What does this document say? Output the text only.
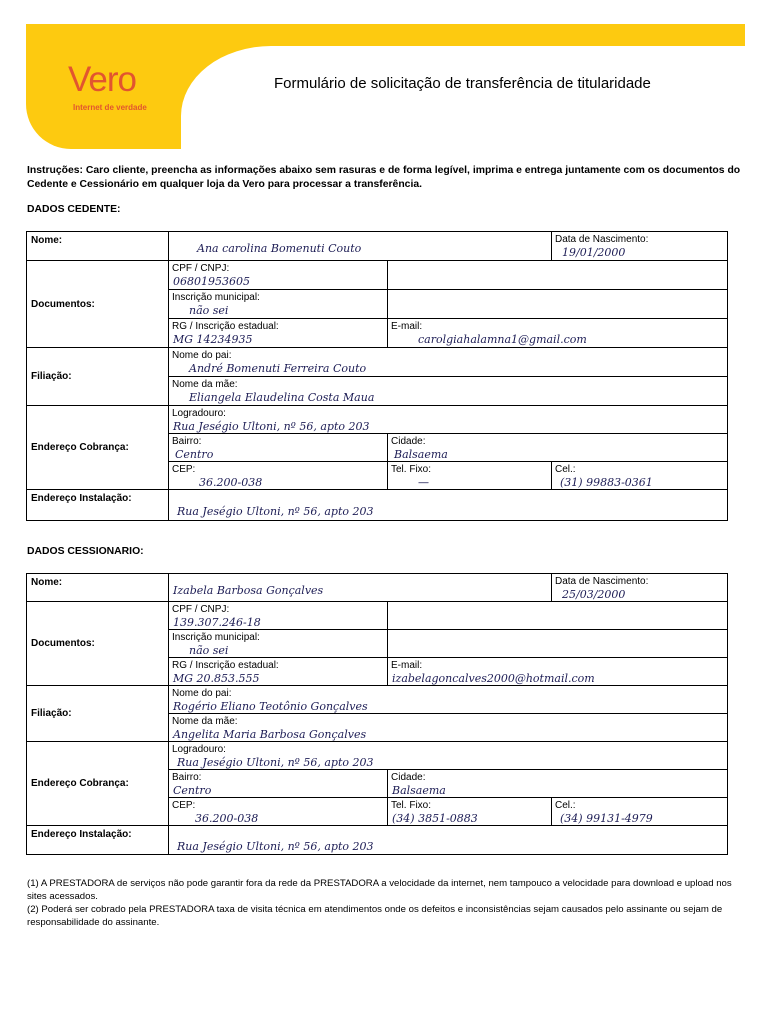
Vero
Internet de verdade
Formulário de solicitação de transferência de titularidade
Instruções: Caro cliente, preencha as informações abaixo sem rasuras e de forma legível, imprima e entrega juntamente com os documentos do Cedente e Cessionário em qualquer loja da Vero para processar a transferência.
DADOS CEDENTE:
Nome:	Ana carolina Bomenuti Couto		Data de Nascimento:
19/01/2000

Documentos:	CPF / CNPJ:
06801953605		

	Inscrição municipal:
não sei		

	RG / Inscrição estadual:
MG 14234935	E-mail:
carolgiahalamna1@gmail.com	

Filiação:	Nome do pai:
André Bomenuti Ferreira Couto		

	Nome da mãe:
Eliangela Elaudelina Costa Maua		

Endereço Cobrança:	Logradouro:
Rua Jeségio Ultoni, nº 56, apto 203		

	Bairro:
Centro	Cidade:
Balsaema	

	CEP:
36.200-038	Tel. Fixo:
—	Cel.:
(31) 99883-0361

Endereço Instalação:	Rua Jeségio Ultoni, nº 56, apto 203		
DADOS CESSIONARIO:
Nome:	Izabela Barbosa Gonçalves		Data de Nascimento:
25/03/2000

Documentos:	CPF / CNPJ:
139.307.246-18		

	Inscrição municipal:
não sei		

	RG / Inscrição estadual:
MG 20.853.555	E-mail:
izabelagoncalves2000@hotmail.com	

Filiação:	Nome do pai:
Rogério Eliano Teotônio Gonçalves		

	Nome da mãe:
Angelita Maria Barbosa Gonçalves		

Endereço Cobrança:	Logradouro:
Rua Jeségio Ultoni, nº 56, apto 203		

	Bairro:
Centro	Cidade:
Balsaema	

	CEP:
36.200-038	Tel. Fixo:
(34) 3851-0883	Cel.:
(34) 99131-4979

Endereço Instalação:	Rua Jeségio Ultoni, nº 56, apto 203		

(1) A PRESTADORA de serviços não pode garantir fora da rede da PRESTADORA a velocidade da internet, nem tampouco a velocidade para download e upload nos sites acessados.

(2) Poderá ser cobrado pela PRESTADORA taxa de visita técnica em atendimentos onde os defeitos e inconsistências sejam causados pelo assinante ou sejam de responsabilidade do assinante.
